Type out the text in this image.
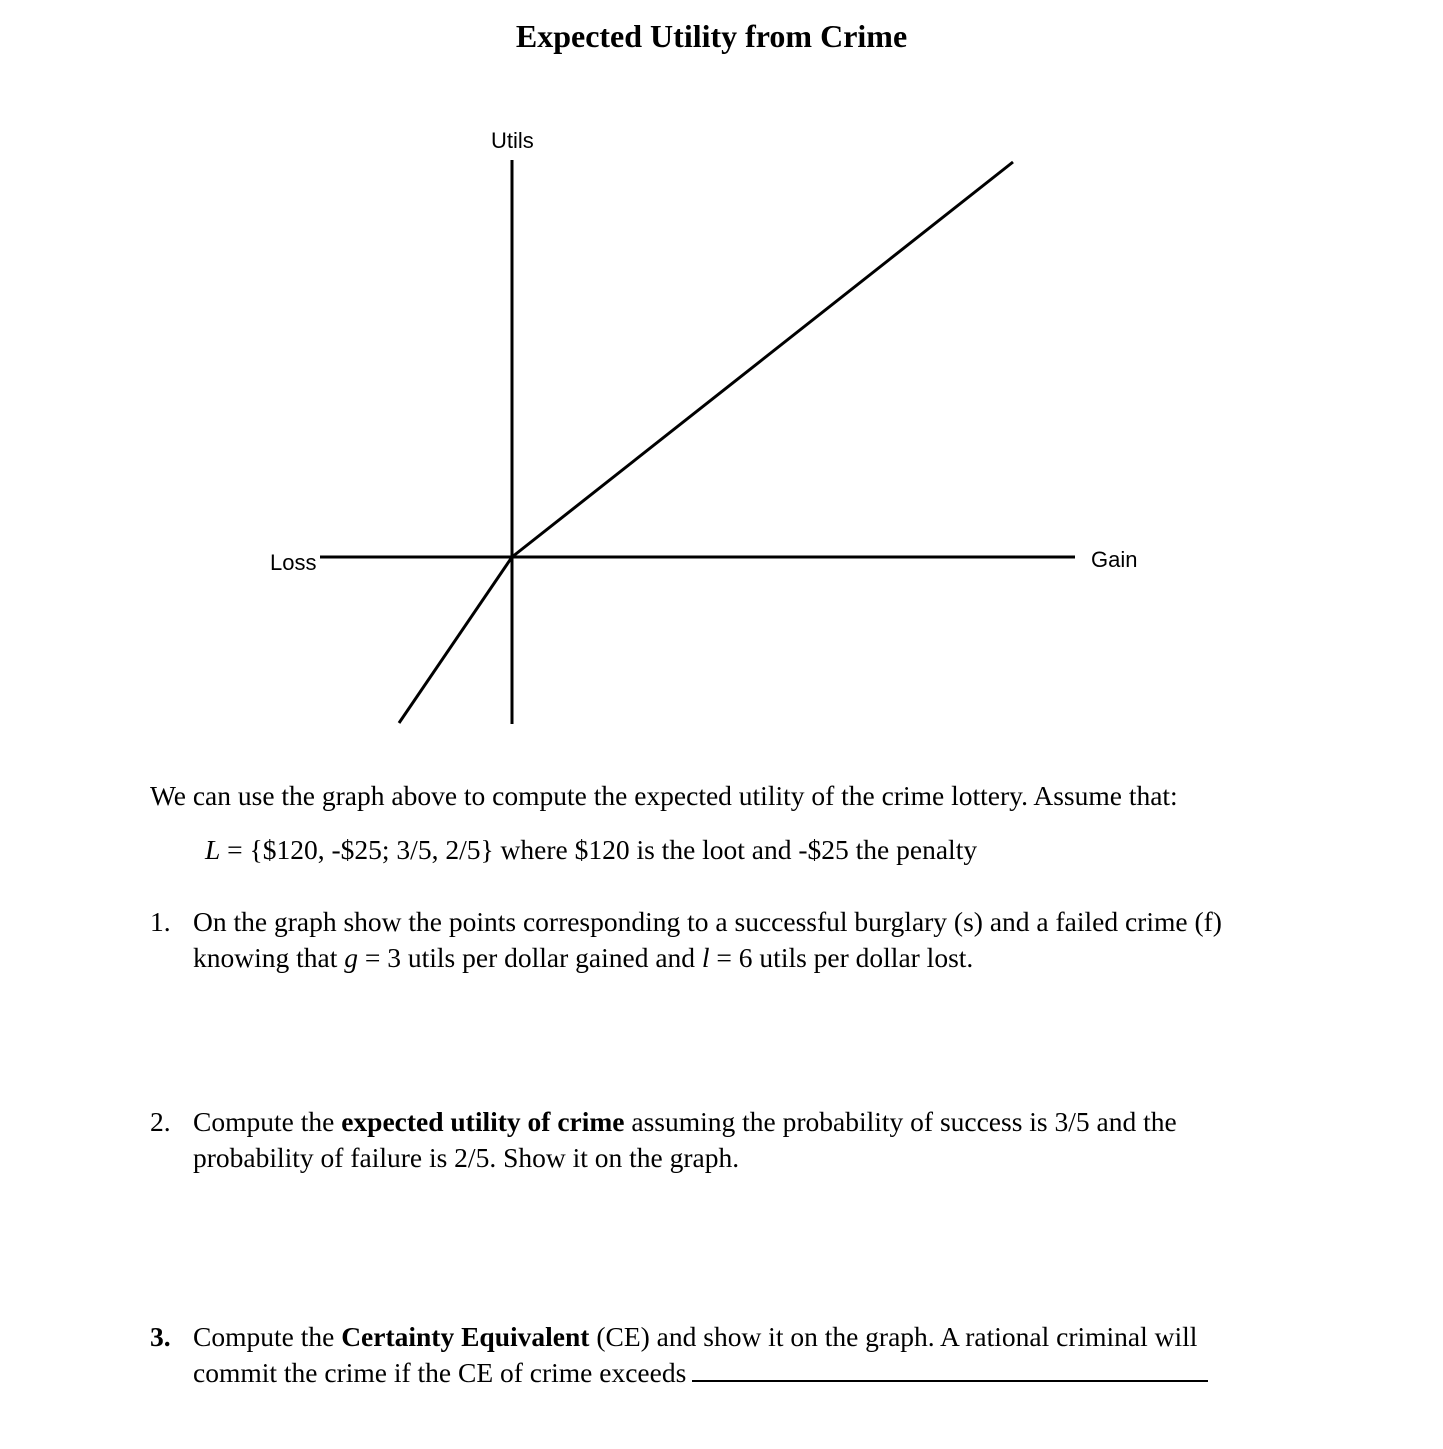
Expected Utility from Crime
Utils
Loss	Gain
We can use the graph above to compute the expected utility of the crime lottery. Assume that:
L = {$120, -$25; 3/5, 2/5} where $120 is the loot and -$25 the penalty
1. On the graph show the points corresponding to a successful burglary (s) and a failed crime (f)
knowing that g = 3 utils per dollar gained and l = 6 utils per dollar lost.
2. Compute the expected utility of crime assuming the probability of success is 3/5 and the
probability of failure is 2/5. Show it on the graph.
3. Compute the Certainty Equivalent (CE) and show it on the graph. A rational criminal will
commit the crime if the CE of crime exceeds
